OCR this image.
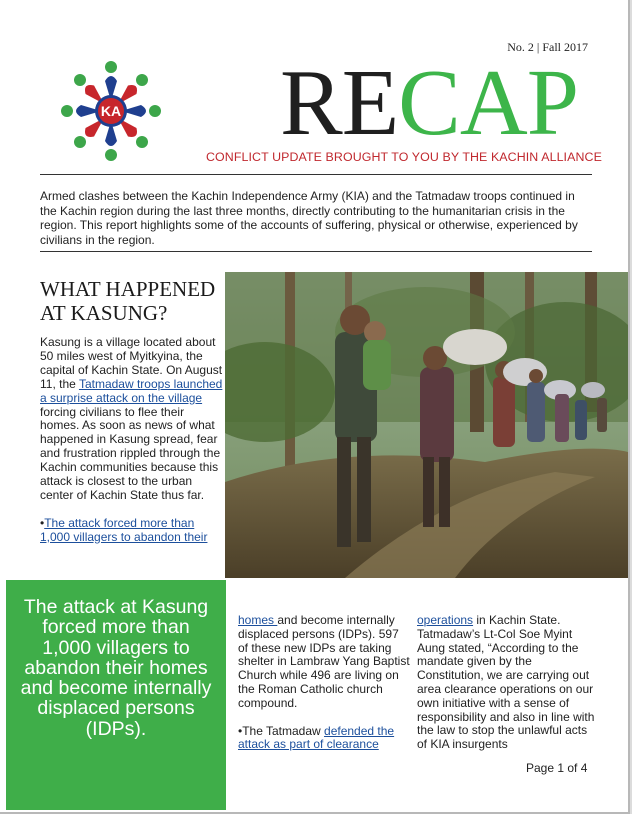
No. 2 | Fall 2017
KA RECAP
CONFLICT UPDATE BROUGHT TO YOU BY THE KACHIN ALLIANCE
Armed clashes between the Kachin Independence Army (KIA) and the Tatmadaw troops continued in the Kachin region during the last three months, directly contributing to the humanitarian crisis in the region. This report highlights some of the accounts of suffering, physical or otherwise, experienced by civilians in the region.
WHAT HAPPENED AT KASUNG?

Kasung is a village located about 50 miles west of Myitkyina, the capital of Kachin State. On August 11, the Tatmadaw troops launched a surprise attack on the village forcing civilians to flee their homes. As soon as news of what happened in Kasung spread, fear and frustration rippled through the Kachin communities because this attack is closest to the urban center of Kachin State thus far.

•The attack forced more than 1,000 villagers to abandon their

The attack at Kasung forced more than 1,000 villagers to abandon their homes and become internally displaced persons (IDPs).

homes and become internally displaced persons (IDPs). 597 of these new IDPs are taking shelter in Lambraw Yang Baptist Church while 496 are living on the Roman Catholic church compound.

•The Tatmadaw defended the attack as part of clearance

operations in Kachin State. Tatmadaw’s Lt-Col Soe Myint Aung stated, “According to the mandate given by the Constitution, we are carrying out area clearance operations on our own initiative with a sense of responsibility and also in line with the law to stop the unlawful acts of KIA insurgents

Page 1 of 4
